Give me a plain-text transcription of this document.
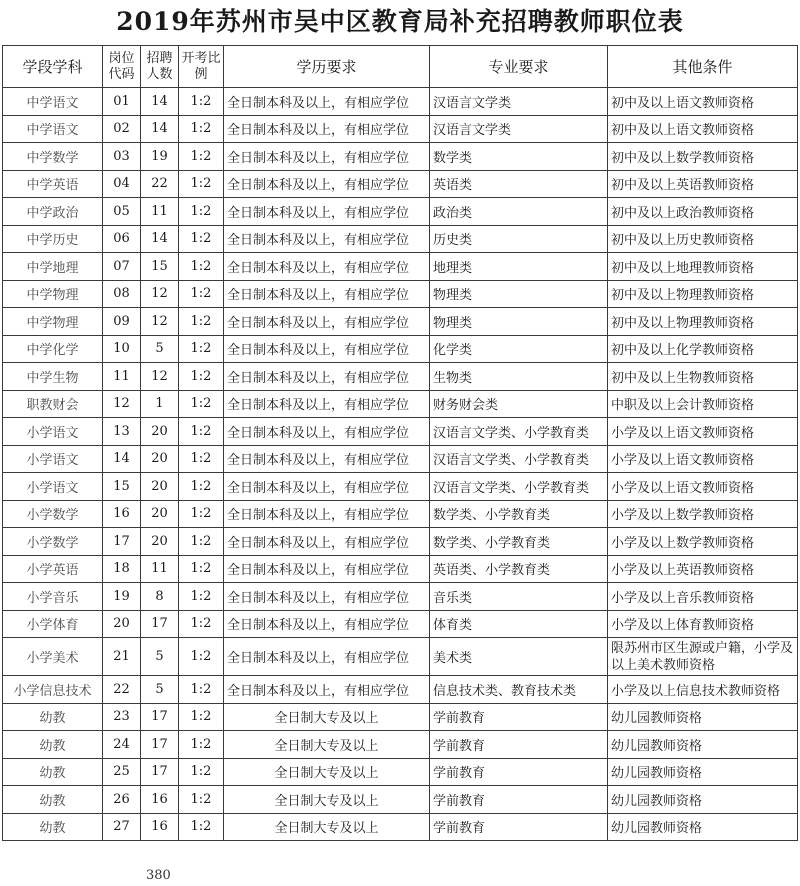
2019年苏州市吴中区教育局补充招聘教师职位表
学段学科	岗位代码	招聘人数	开考比例	学历要求	专业要求	其他条件
中学语文	01	14	1:2	全日制本科及以上，有相应学位	汉语言文学类	初中及以上语文教师资格
中学语文	02	14	1:2	全日制本科及以上，有相应学位	汉语言文学类	初中及以上语文教师资格
中学数学	03	19	1:2	全日制本科及以上，有相应学位	数学类	初中及以上数学教师资格
中学英语	04	22	1:2	全日制本科及以上，有相应学位	英语类	初中及以上英语教师资格
中学政治	05	11	1:2	全日制本科及以上，有相应学位	政治类	初中及以上政治教师资格
中学历史	06	14	1:2	全日制本科及以上，有相应学位	历史类	初中及以上历史教师资格
中学地理	07	15	1:2	全日制本科及以上，有相应学位	地理类	初中及以上地理教师资格
中学物理	08	12	1:2	全日制本科及以上，有相应学位	物理类	初中及以上物理教师资格
中学物理	09	12	1:2	全日制本科及以上，有相应学位	物理类	初中及以上物理教师资格
中学化学	10	5	1:2	全日制本科及以上，有相应学位	化学类	初中及以上化学教师资格
中学生物	11	12	1:2	全日制本科及以上，有相应学位	生物类	初中及以上生物教师资格
职教财会	12	1	1:2	全日制本科及以上，有相应学位	财务财会类	中职及以上会计教师资格
小学语文	13	20	1:2	全日制本科及以上，有相应学位	汉语言文学类、小学教育类	小学及以上语文教师资格
小学语文	14	20	1:2	全日制本科及以上，有相应学位	汉语言文学类、小学教育类	小学及以上语文教师资格
小学语文	15	20	1:2	全日制本科及以上，有相应学位	汉语言文学类、小学教育类	小学及以上语文教师资格
小学数学	16	20	1:2	全日制本科及以上，有相应学位	数学类、小学教育类	小学及以上数学教师资格
小学数学	17	20	1:2	全日制本科及以上，有相应学位	数学类、小学教育类	小学及以上数学教师资格
小学英语	18	11	1:2	全日制本科及以上，有相应学位	英语类、小学教育类	小学及以上英语教师资格
小学音乐	19	8	1:2	全日制本科及以上，有相应学位	音乐类	小学及以上音乐教师资格
小学体育	20	17	1:2	全日制本科及以上，有相应学位	体育类	小学及以上体育教师资格
小学美术	21	5	1:2	全日制本科及以上，有相应学位	美术类	限苏州市区生源或户籍，小学及以上美术教师资格
小学信息技术	22	5	1:2	全日制本科及以上，有相应学位	信息技术类、教育技术类	小学及以上信息技术教师资格
幼教	23	17	1:2	全日制大专及以上	学前教育	幼儿园教师资格
幼教	24	17	1:2	全日制大专及以上	学前教育	幼儿园教师资格
幼教	25	17	1:2	全日制大专及以上	学前教育	幼儿园教师资格
幼教	26	16	1:2	全日制大专及以上	学前教育	幼儿园教师资格
幼教	27	16	1:2	全日制大专及以上	学前教育	幼儿园教师资格
380
